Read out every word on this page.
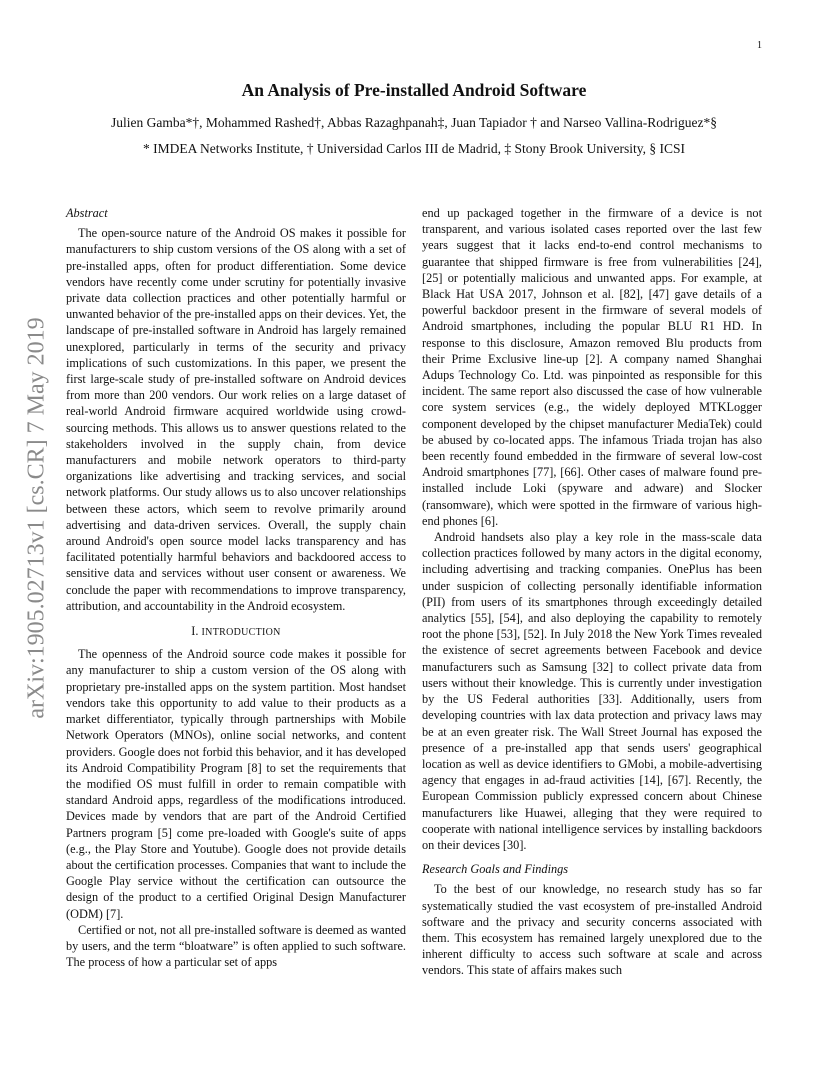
1
arXiv:1905.02713v1 [cs.CR] 7 May 2019
An Analysis of Pre-installed Android Software
Julien Gamba*†, Mohammed Rashed†, Abbas Razaghpanah‡, Juan Tapiador † and Narseo Vallina-Rodriguez*§
* IMDEA Networks Institute, † Universidad Carlos III de Madrid, ‡ Stony Brook University, § ICSI

Abstract

The open-source nature of the Android OS makes it possible for manufacturers to ship custom versions of the OS along with a set of pre-installed apps, often for product differentiation. Some device vendors have recently come under scrutiny for potentially invasive private data collection practices and other potentially harmful or unwanted behavior of the pre-installed apps on their devices. Yet, the landscape of pre-installed software in Android has largely remained unexplored, particularly in terms of the security and privacy implications of such customizations. In this paper, we present the first large-scale study of pre-installed software on Android devices from more than 200 vendors. Our work relies on a large dataset of real-world Android firmware acquired worldwide using crowd-sourcing methods. This allows us to answer questions related to the stakeholders involved in the supply chain, from device manufacturers and mobile network operators to third-party organizations like advertising and tracking services, and social network platforms. Our study allows us to also uncover relationships between these actors, which seem to revolve primarily around advertising and data-driven services. Overall, the supply chain around Android's open source model lacks transparency and has facilitated potentially harmful behaviors and backdoored access to sensitive data and services without user consent or awareness. We conclude the paper with recommendations to improve transparency, attribution, and accountability in the Android ecosystem.

I. INTRODUCTION

The openness of the Android source code makes it possible for any manufacturer to ship a custom version of the OS along with proprietary pre-installed apps on the system partition. Most handset vendors take this opportunity to add value to their products as a market differentiator, typically through partnerships with Mobile Network Operators (MNOs), online social networks, and content providers. Google does not forbid this behavior, and it has developed its Android Compatibility Program [8] to set the requirements that the modified OS must fulfill in order to remain compatible with standard Android apps, regardless of the modifications introduced. Devices made by vendors that are part of the Android Certified Partners program [5] come pre-loaded with Google's suite of apps (e.g., the Play Store and Youtube). Google does not provide details about the certification processes. Companies that want to include the Google Play service without the certification can outsource the design of the product to a certified Original Design Manufacturer (ODM) [7].

Certified or not, not all pre-installed software is deemed as wanted by users, and the term “bloatware” is often applied to such software. The process of how a particular set of apps

end up packaged together in the firmware of a device is not transparent, and various isolated cases reported over the last few years suggest that it lacks end-to-end control mechanisms to guarantee that shipped firmware is free from vulnerabilities [24], [25] or potentially malicious and unwanted apps. For example, at Black Hat USA 2017, Johnson et al. [82], [47] gave details of a powerful backdoor present in the firmware of several models of Android smartphones, including the popular BLU R1 HD. In response to this disclosure, Amazon removed Blu products from their Prime Exclusive line-up [2]. A company named Shanghai Adups Technology Co. Ltd. was pinpointed as responsible for this incident. The same report also discussed the case of how vulnerable core system services (e.g., the widely deployed MTKLogger component developed by the chipset manufacturer MediaTek) could be abused by co-located apps. The infamous Triada trojan has also been recently found embedded in the firmware of several low-cost Android smartphones [77], [66]. Other cases of malware found pre-installed include Loki (spyware and adware) and Slocker (ransomware), which were spotted in the firmware of various high-end phones [6].

Android handsets also play a key role in the mass-scale data collection practices followed by many actors in the digital economy, including advertising and tracking companies. OnePlus has been under suspicion of collecting personally identifiable information (PII) from users of its smartphones through exceedingly detailed analytics [55], [54], and also deploying the capability to remotely root the phone [53], [52]. In July 2018 the New York Times revealed the existence of secret agreements between Facebook and device manufacturers such as Samsung [32] to collect private data from users without their knowledge. This is currently under investigation by the US Federal authorities [33]. Additionally, users from developing countries with lax data protection and privacy laws may be at an even greater risk. The Wall Street Journal has exposed the presence of a pre-installed app that sends users' geographical location as well as device identifiers to GMobi, a mobile-advertising agency that engages in ad-fraud activities [14], [67]. Recently, the European Commission publicly expressed concern about Chinese manufacturers like Huawei, alleging that they were required to cooperate with national intelligence services by installing backdoors on their devices [30].

Research Goals and Findings

To the best of our knowledge, no research study has so far systematically studied the vast ecosystem of pre-installed Android software and the privacy and security concerns associated with them. This ecosystem has remained largely unexplored due to the inherent difficulty to access such software at scale and across vendors. This state of affairs makes such
